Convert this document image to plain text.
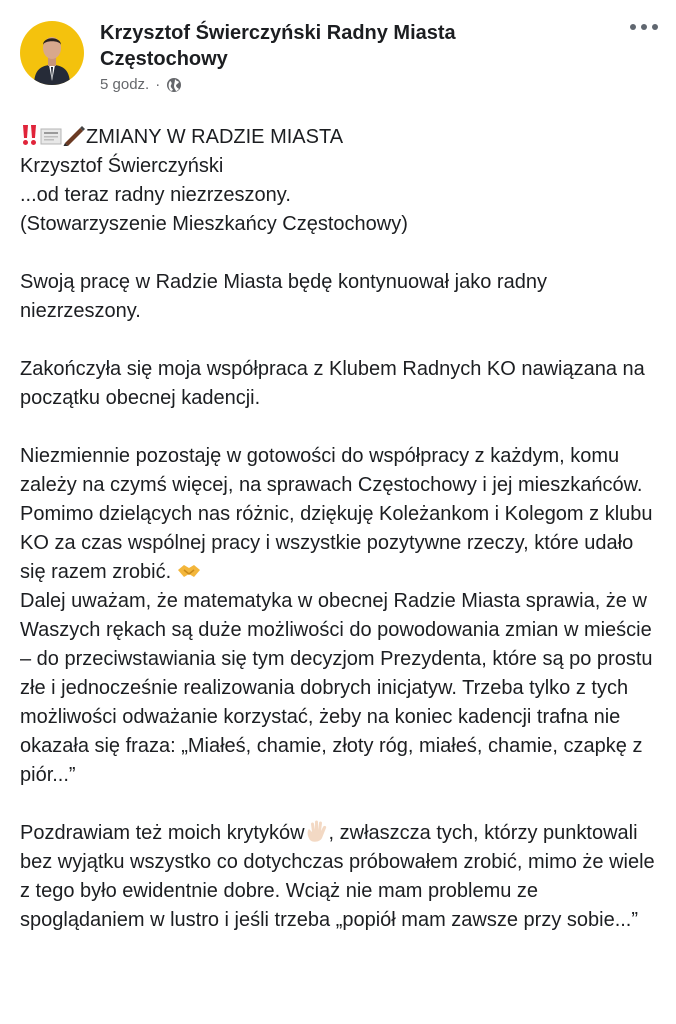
Krzysztof Świerczyński Radny Miasta Częstochowy
5 godz. ·

ZMIANY W RADZIE MIASTA

Krzysztof Świerczyński

...od teraz radny niezrzeszony.

(Stowarzyszenie Mieszkańcy Częstochowy)

Swoją pracę w Radzie Miasta będę kontynuował jako radny niezrzeszony.

Zakończyła się moja współpraca z Klubem Radnych KO nawiązana na początku obecnej kadencji.

Niezmiennie pozostaję w gotowości do współpracy z każdym, komu zależy na czymś więcej, na sprawach Częstochowy i jej mieszkańców.

Pomimo dzielących nas różnic, dziękuję Koleżankom i Kolegom z klubu KO za czas wspólnej pracy i wszystkie pozytywne rzeczy, które udało się razem zrobić.

Dalej uważam, że matematyka w obecnej Radzie Miasta sprawia, że w Waszych rękach są duże możliwości do powodowania zmian w mieście – do przeciwstawiania się tym decyzjom Prezydenta, które są po prostu złe i jednocześnie realizowania dobrych inicjatyw. Trzeba tylko z tych możliwości odważanie korzystać, żeby na koniec kadencji trafna nie okazała się fraza: „Miałeś, chamie, złoty róg, miałeś, chamie, czapkę z piór...”

Pozdrawiam też moich krytyków , zwłaszcza tych, którzy punktowali bez wyjątku wszystko co dotychczas próbowałem zrobić, mimo że wiele z tego było ewidentnie dobre. Wciąż nie mam problemu ze spoglądaniem w lustro i jeśli trzeba „popiół mam zawsze przy sobie...”
